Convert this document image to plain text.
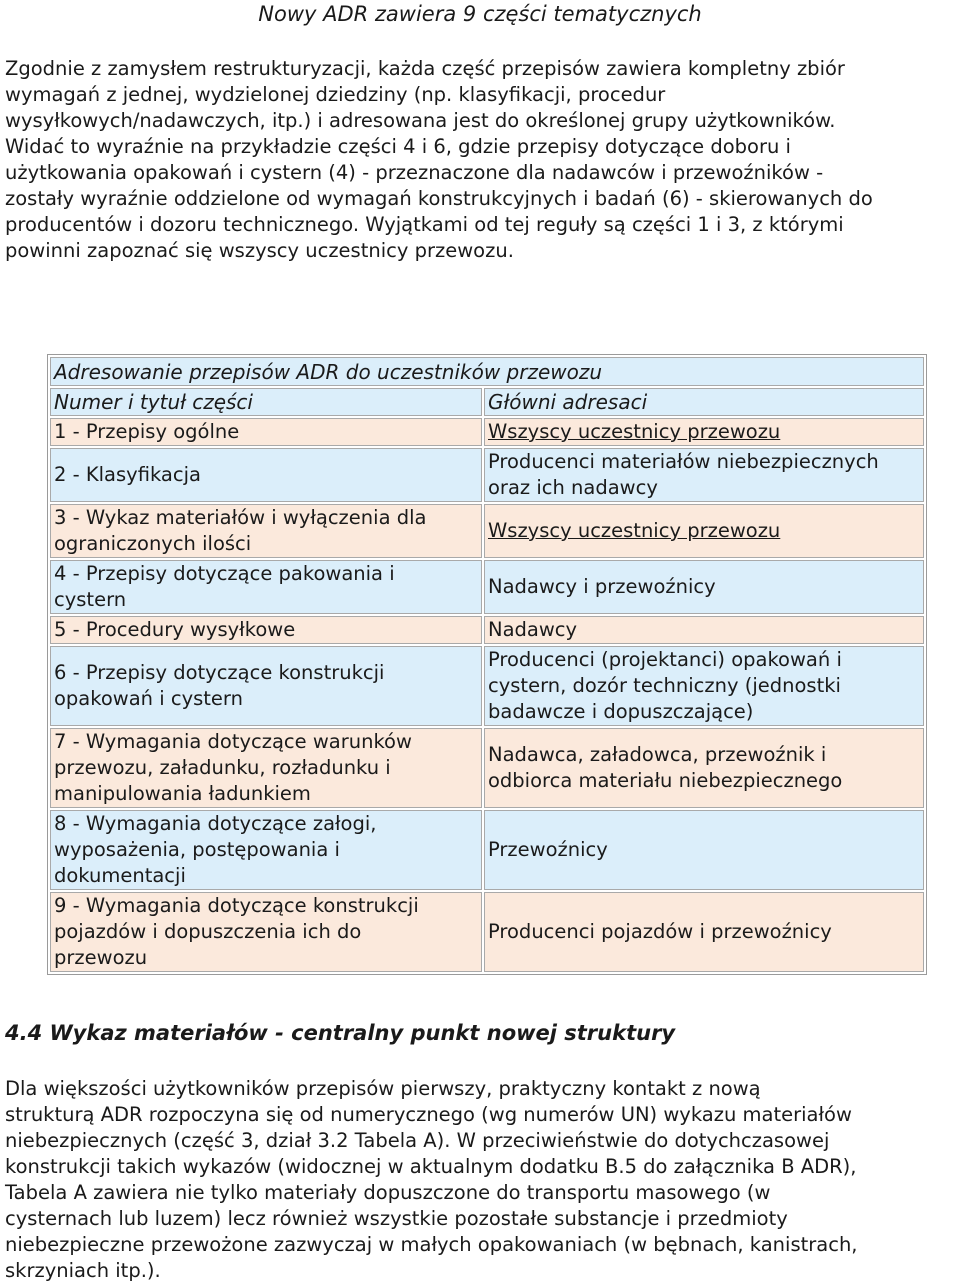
Nowy ADR zawiera 9 części tematycznych

Zgodnie z zamysłem restrukturyzacji, każda część przepisów zawiera kompletny zbiór
wymagań z jednej, wydzielonej dziedziny (np. klasyfikacji, procedur
wysyłkowych/nadawczych, itp.) i adresowana jest do określonej grupy użytkowników.
Widać to wyraźnie na przykładzie części 4 i 6, gdzie przepisy dotyczące doboru i
użytkowania opakowań i cystern (4) - przeznaczone dla nadawców i przewoźników -
zostały wyraźnie oddzielone od wymagań konstrukcyjnych i badań (6) - skierowanych do
producentów i dozoru technicznego. Wyjątkami od tej reguły są części 1 i 3, z którymi
powinni zapoznać się wszyscy uczestnicy przewozu.

Adresowanie przepisów ADR do uczestników przewozu	
Numer i tytuł części	Główni adresaci
1 - Przepisy ogólne	Wszyscy uczestnicy przewozu
2 - Klasyfikacja	Producenci materiałów niebezpiecznych
oraz ich nadawcy
3 - Wykaz materiałów i wyłączenia dla
ograniczonych ilości	Wszyscy uczestnicy przewozu
4 - Przepisy dotyczące pakowania i
cystern	Nadawcy i przewoźnicy
5 - Procedury wysyłkowe	Nadawcy
6 - Przepisy dotyczące konstrukcji
opakowań i cystern	Producenci (projektanci) opakowań i
cystern, dozór techniczny (jednostki
badawcze i dopuszczające)
7 - Wymagania dotyczące warunków
przewozu, załadunku, rozładunku i
manipulowania ładunkiem	Nadawca, załadowca, przewoźnik i
odbiorca materiału niebezpiecznego
8 - Wymagania dotyczące załogi,
wyposażenia, postępowania i
dokumentacji	Przewoźnicy
9 - Wymagania dotyczące konstrukcji
pojazdów i dopuszczenia ich do
przewozu	Producenci pojazdów i przewoźnicy
4.4 Wykaz materiałów - centralny punkt nowej struktury

Dla większości użytkowników przepisów pierwszy, praktyczny kontakt z nową
strukturą ADR rozpoczyna się od numerycznego (wg numerów UN) wykazu materiałów
niebezpiecznych (część 3, dział 3.2 Tabela A). W przeciwieństwie do dotychczasowej
konstrukcji takich wykazów (widocznej w aktualnym dodatku B.5 do załącznika B ADR),
Tabela A zawiera nie tylko materiały dopuszczone do transportu masowego (w
cysternach lub luzem) lecz również wszystkie pozostałe substancje i przedmioty
niebezpieczne przewożone zazwyczaj w małych opakowaniach (w bębnach, kanistrach,
skrzyniach itp.).
